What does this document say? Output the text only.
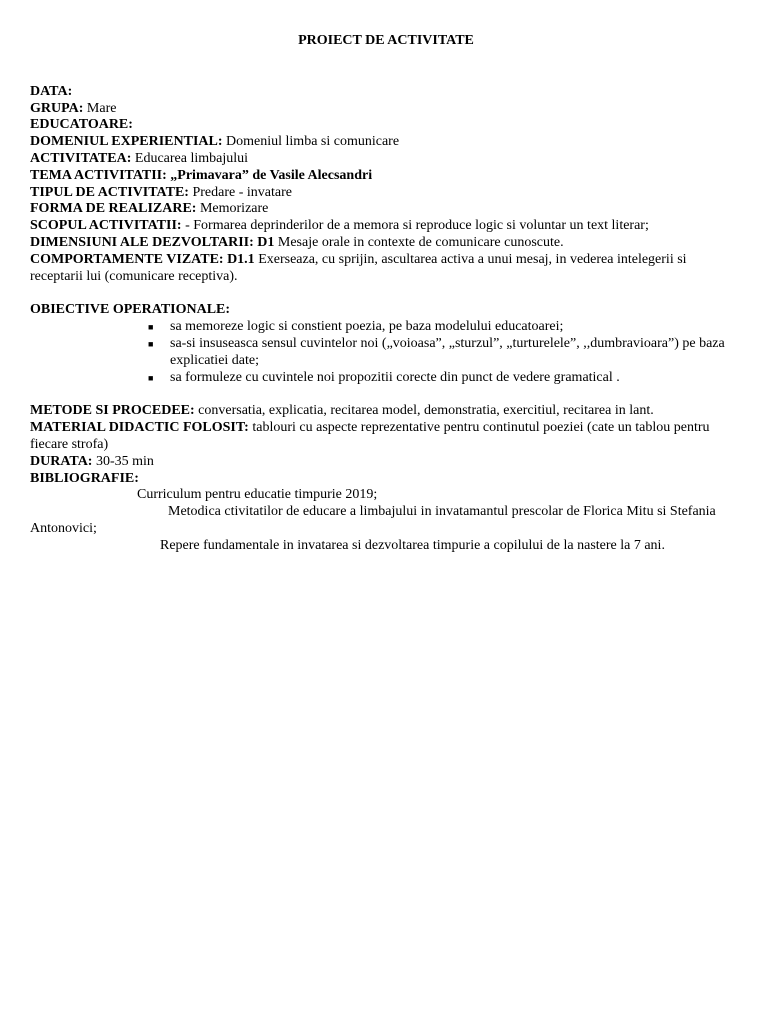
PROIECT DE ACTIVITATE

DATA:

GRUPA: Mare

EDUCATOARE:

DOMENIUL EXPERIENTIAL: Domeniul limba si comunicare

ACTIVITATEA: Educarea limbajului

TEMA ACTIVITATII: „Primavara” de Vasile Alecsandri

TIPUL DE ACTIVITATE: Predare - invatare

FORMA DE REALIZARE: Memorizare

SCOPUL ACTIVITATII: - Formarea deprinderilor de a memora si reproduce logic si voluntar un text literar;

DIMENSIUNI ALE DEZVOLTARII: D1 Mesaje orale in contexte de comunicare cunoscute.

COMPORTAMENTE VIZATE: D1.1 Exerseaza, cu sprijin, ascultarea activa a unui mesaj, in vederea intelegerii si receptarii lui (comunicare receptiva).

OBIECTIVE OPERATIONALE:

■ sa memoreze logic si constient poezia, pe baza modelului educatoarei;
■ sa-si insuseasca sensul cuvintelor noi („voioasa”, „sturzul”, „turturelele”, ,,dumbravioara”) pe baza explicatiei date;
■ sa formuleze cu cuvintele noi propozitii corecte din punct de vedere gramatical .

METODE SI PROCEDEE: conversatia, explicatia, recitarea model, demonstratia, exercitiul, recitarea in lant.

MATERIAL DIDACTIC FOLOSIT: tablouri cu aspecte reprezentative pentru continutul poeziei (cate un tablou pentru fiecare strofa)

DURATA: 30-35 min

BIBLIOGRAFIE:

Curriculum pentru educatie timpurie 2019;

Metodica ctivitatilor de educare a limbajului in invatamantul prescolar de Florica Mitu si Stefania Antonovici;

Repere fundamentale in invatarea si dezvoltarea timpurie a copilului de la nastere la 7 ani.
